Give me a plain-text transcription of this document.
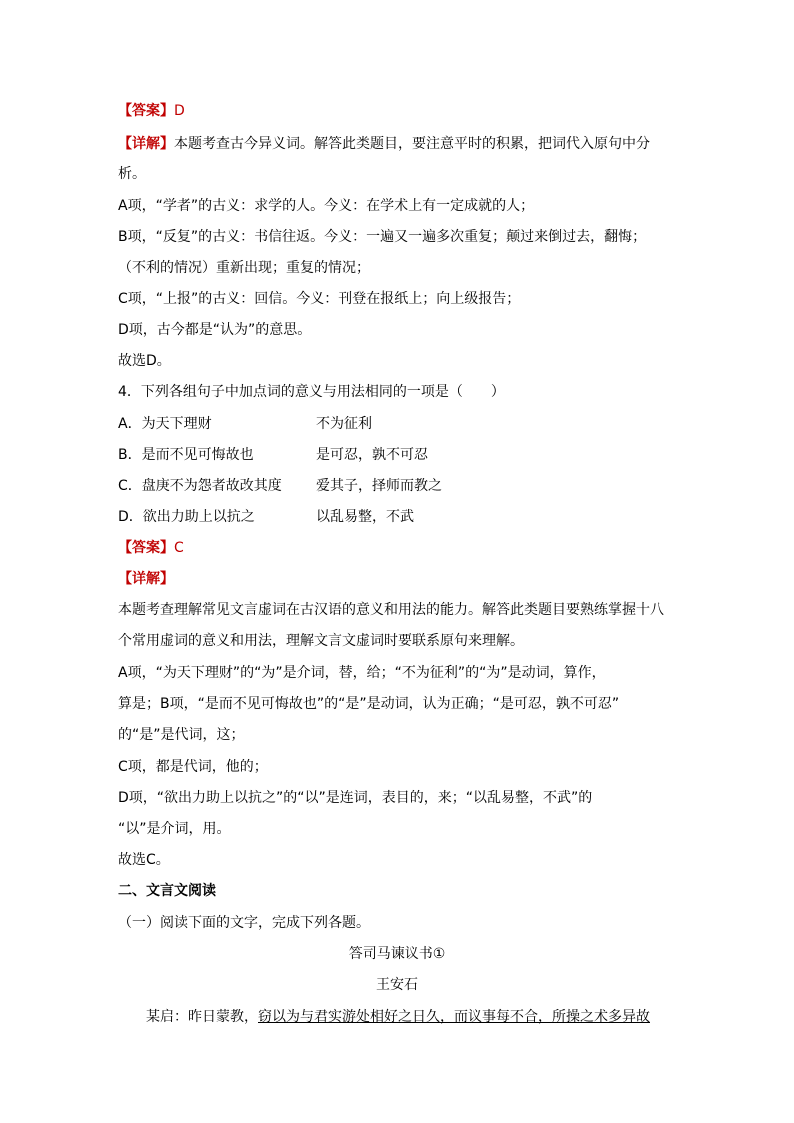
【答案】D
【详解】本题考查古今异义词。解答此类题目，要注意平时的积累，把词代入原句中分
析。
A项，“学者”的古义：求学的人。今义：在学术上有一定成就的人；
B项，“反复”的古义：书信往返。今义：一遍又一遍多次重复；颠过来倒过去，翻悔；
（不利的情况）重新出现；重复的情况；
C项，“上报”的古义：回信。今义：刊登在报纸上；向上级报告；
D项，古今都是“认为”的意思。
故选D。
4．下列各组句子中加点词的意义与用法相同的一项是（　　）
A．为天下理财	不为征利
B．是而不见可悔故也	是可忍，孰不可忍
C．盘庚不为怨者故改其度 爱其子，择师而教之
D．欲出力助上以抗之	以乱易整，不武
【答案】C
【详解】
本题考查理解常见文言虚词在古汉语的意义和用法的能力。解答此类题目要熟练掌握十八
个常用虚词的意义和用法，理解文言文虚词时要联系原句来理解。
A项，“为天下理财”的“为”是介词，替，给；“不为征利”的“为”是动词，算作，
算是；B项，“是而不见可悔故也”的“是”是动词，认为正确；“是可忍，孰不可忍”
的“是”是代词，这；
C项，都是代词，他的；
D项，“欲出力助上以抗之”的“以”是连词，表目的，来；“以乱易整，不武”的
“以”是介词，用。
故选C。
二、文言文阅读
（一）阅读下面的文字，完成下列各题。
答司马谏议书①
王安石
某启：昨日蒙教，窃以为与君实游处相好之日久，而议事每不合，所操之术多异故
